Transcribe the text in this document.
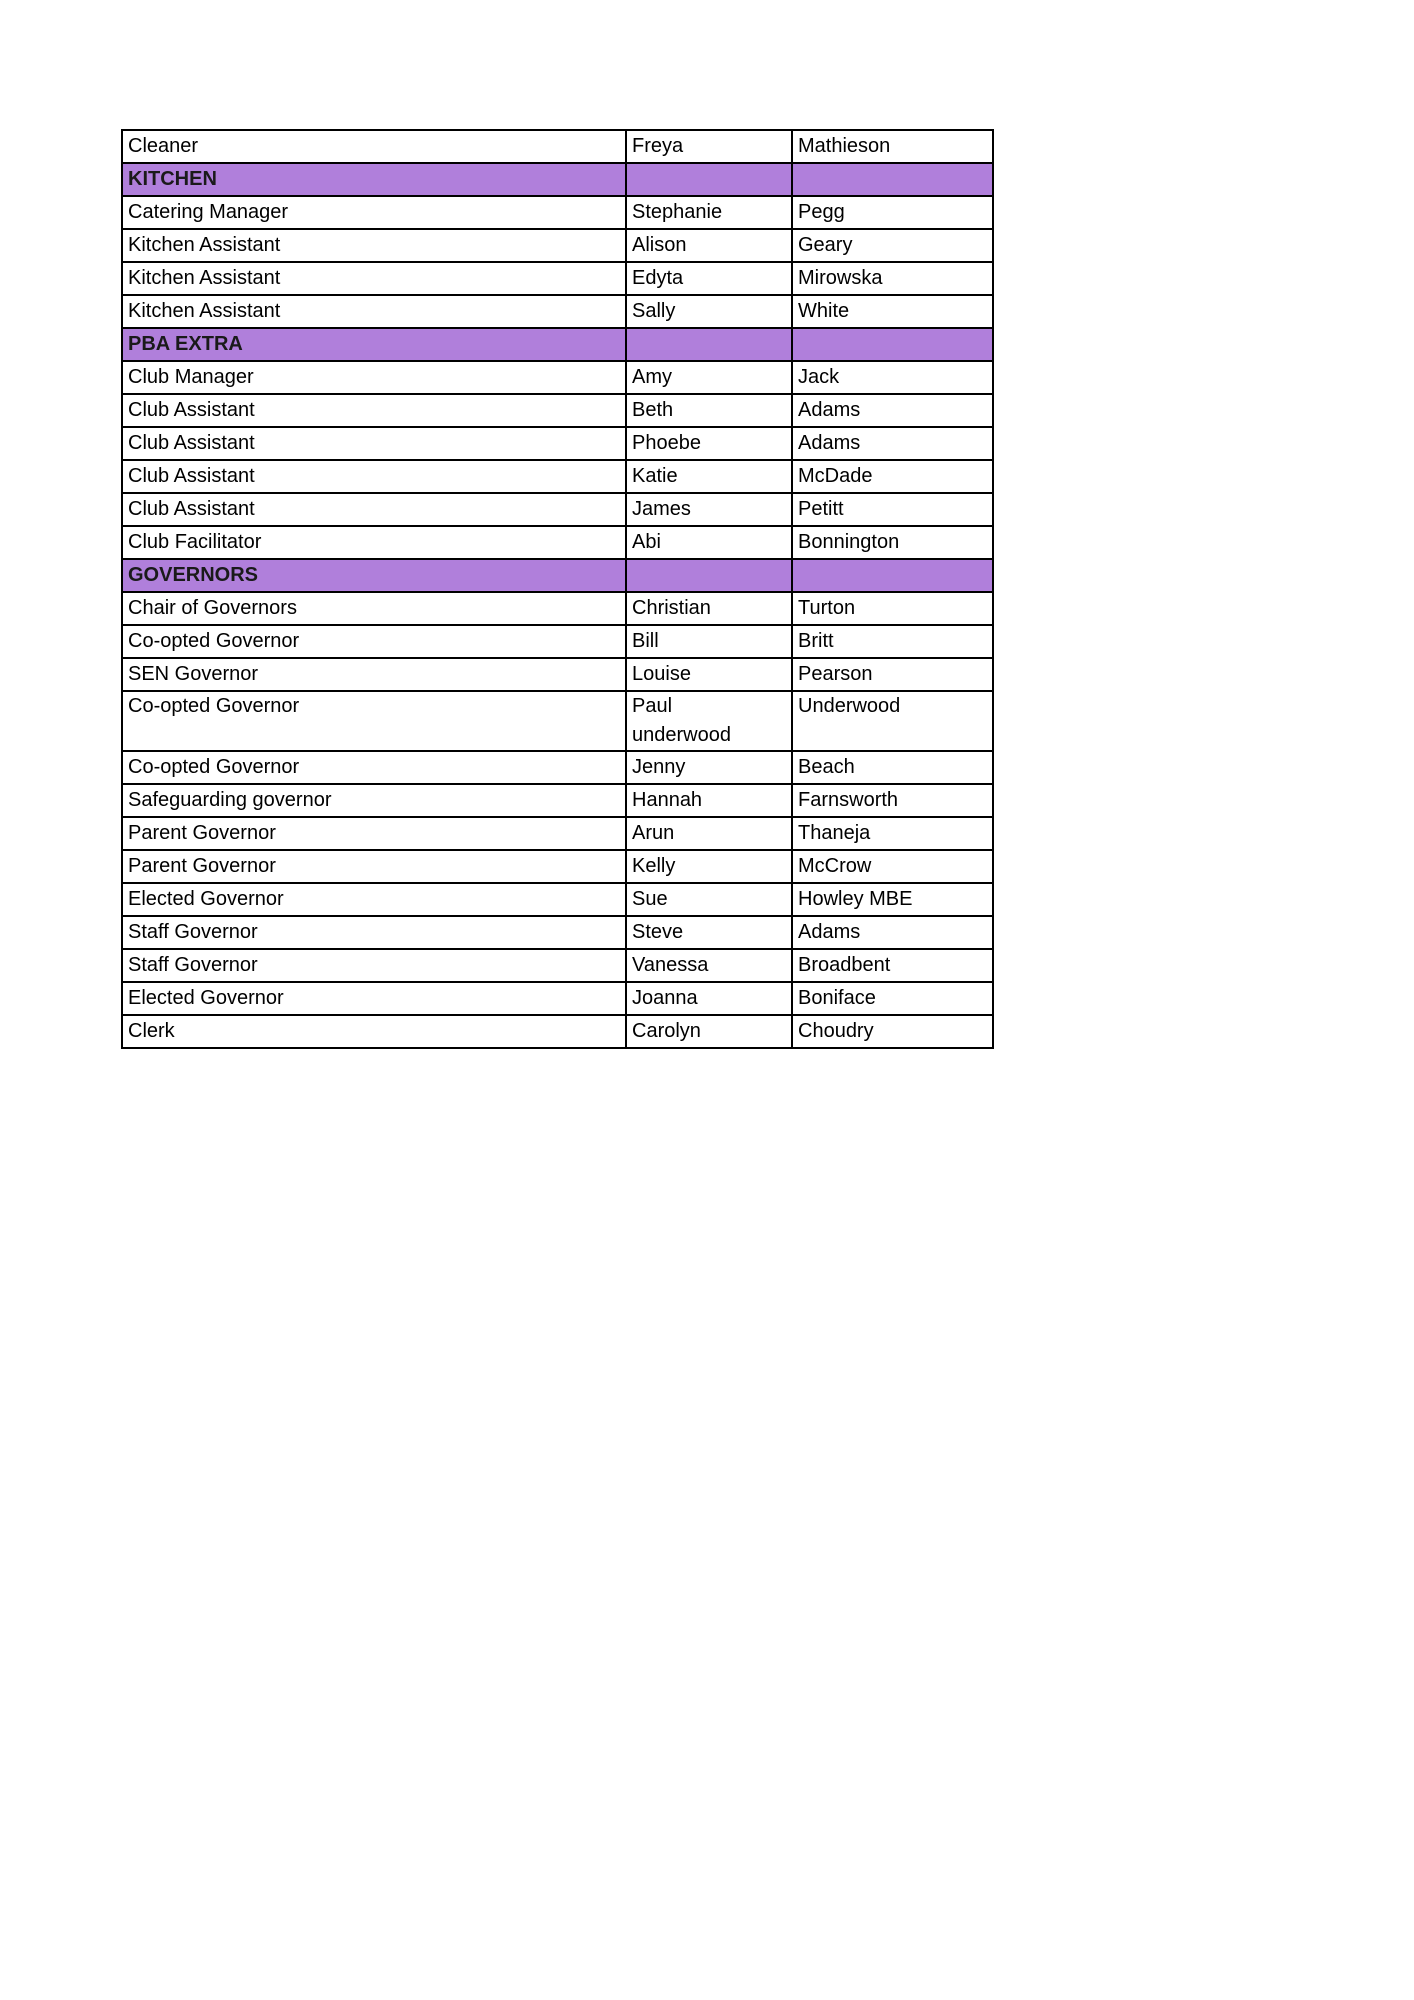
Cleaner	Freya	Mathieson
KITCHEN		
Catering Manager	Stephanie	Pegg
Kitchen Assistant	Alison	Geary
Kitchen Assistant	Edyta	Mirowska
Kitchen Assistant	Sally	White
PBA EXTRA		
Club Manager	Amy	Jack
Club Assistant	Beth	Adams
Club Assistant	Phoebe	Adams
Club Assistant	Katie	McDade
Club Assistant	James	Petitt
Club Facilitator	Abi	Bonnington
GOVERNORS		
Chair of Governors	Christian	Turton
Co-opted Governor	Bill	Britt
SEN Governor	Louise	Pearson
Co-opted Governor	Paul underwood	Underwood
Co-opted Governor	Jenny	Beach
Safeguarding governor	Hannah	Farnsworth
Parent Governor	Arun	Thaneja
Parent Governor	Kelly	McCrow
Elected Governor	Sue	Howley MBE
Staff Governor	Steve	Adams
Staff Governor	Vanessa	Broadbent
Elected Governor	Joanna	Boniface
Clerk	Carolyn	Choudry
